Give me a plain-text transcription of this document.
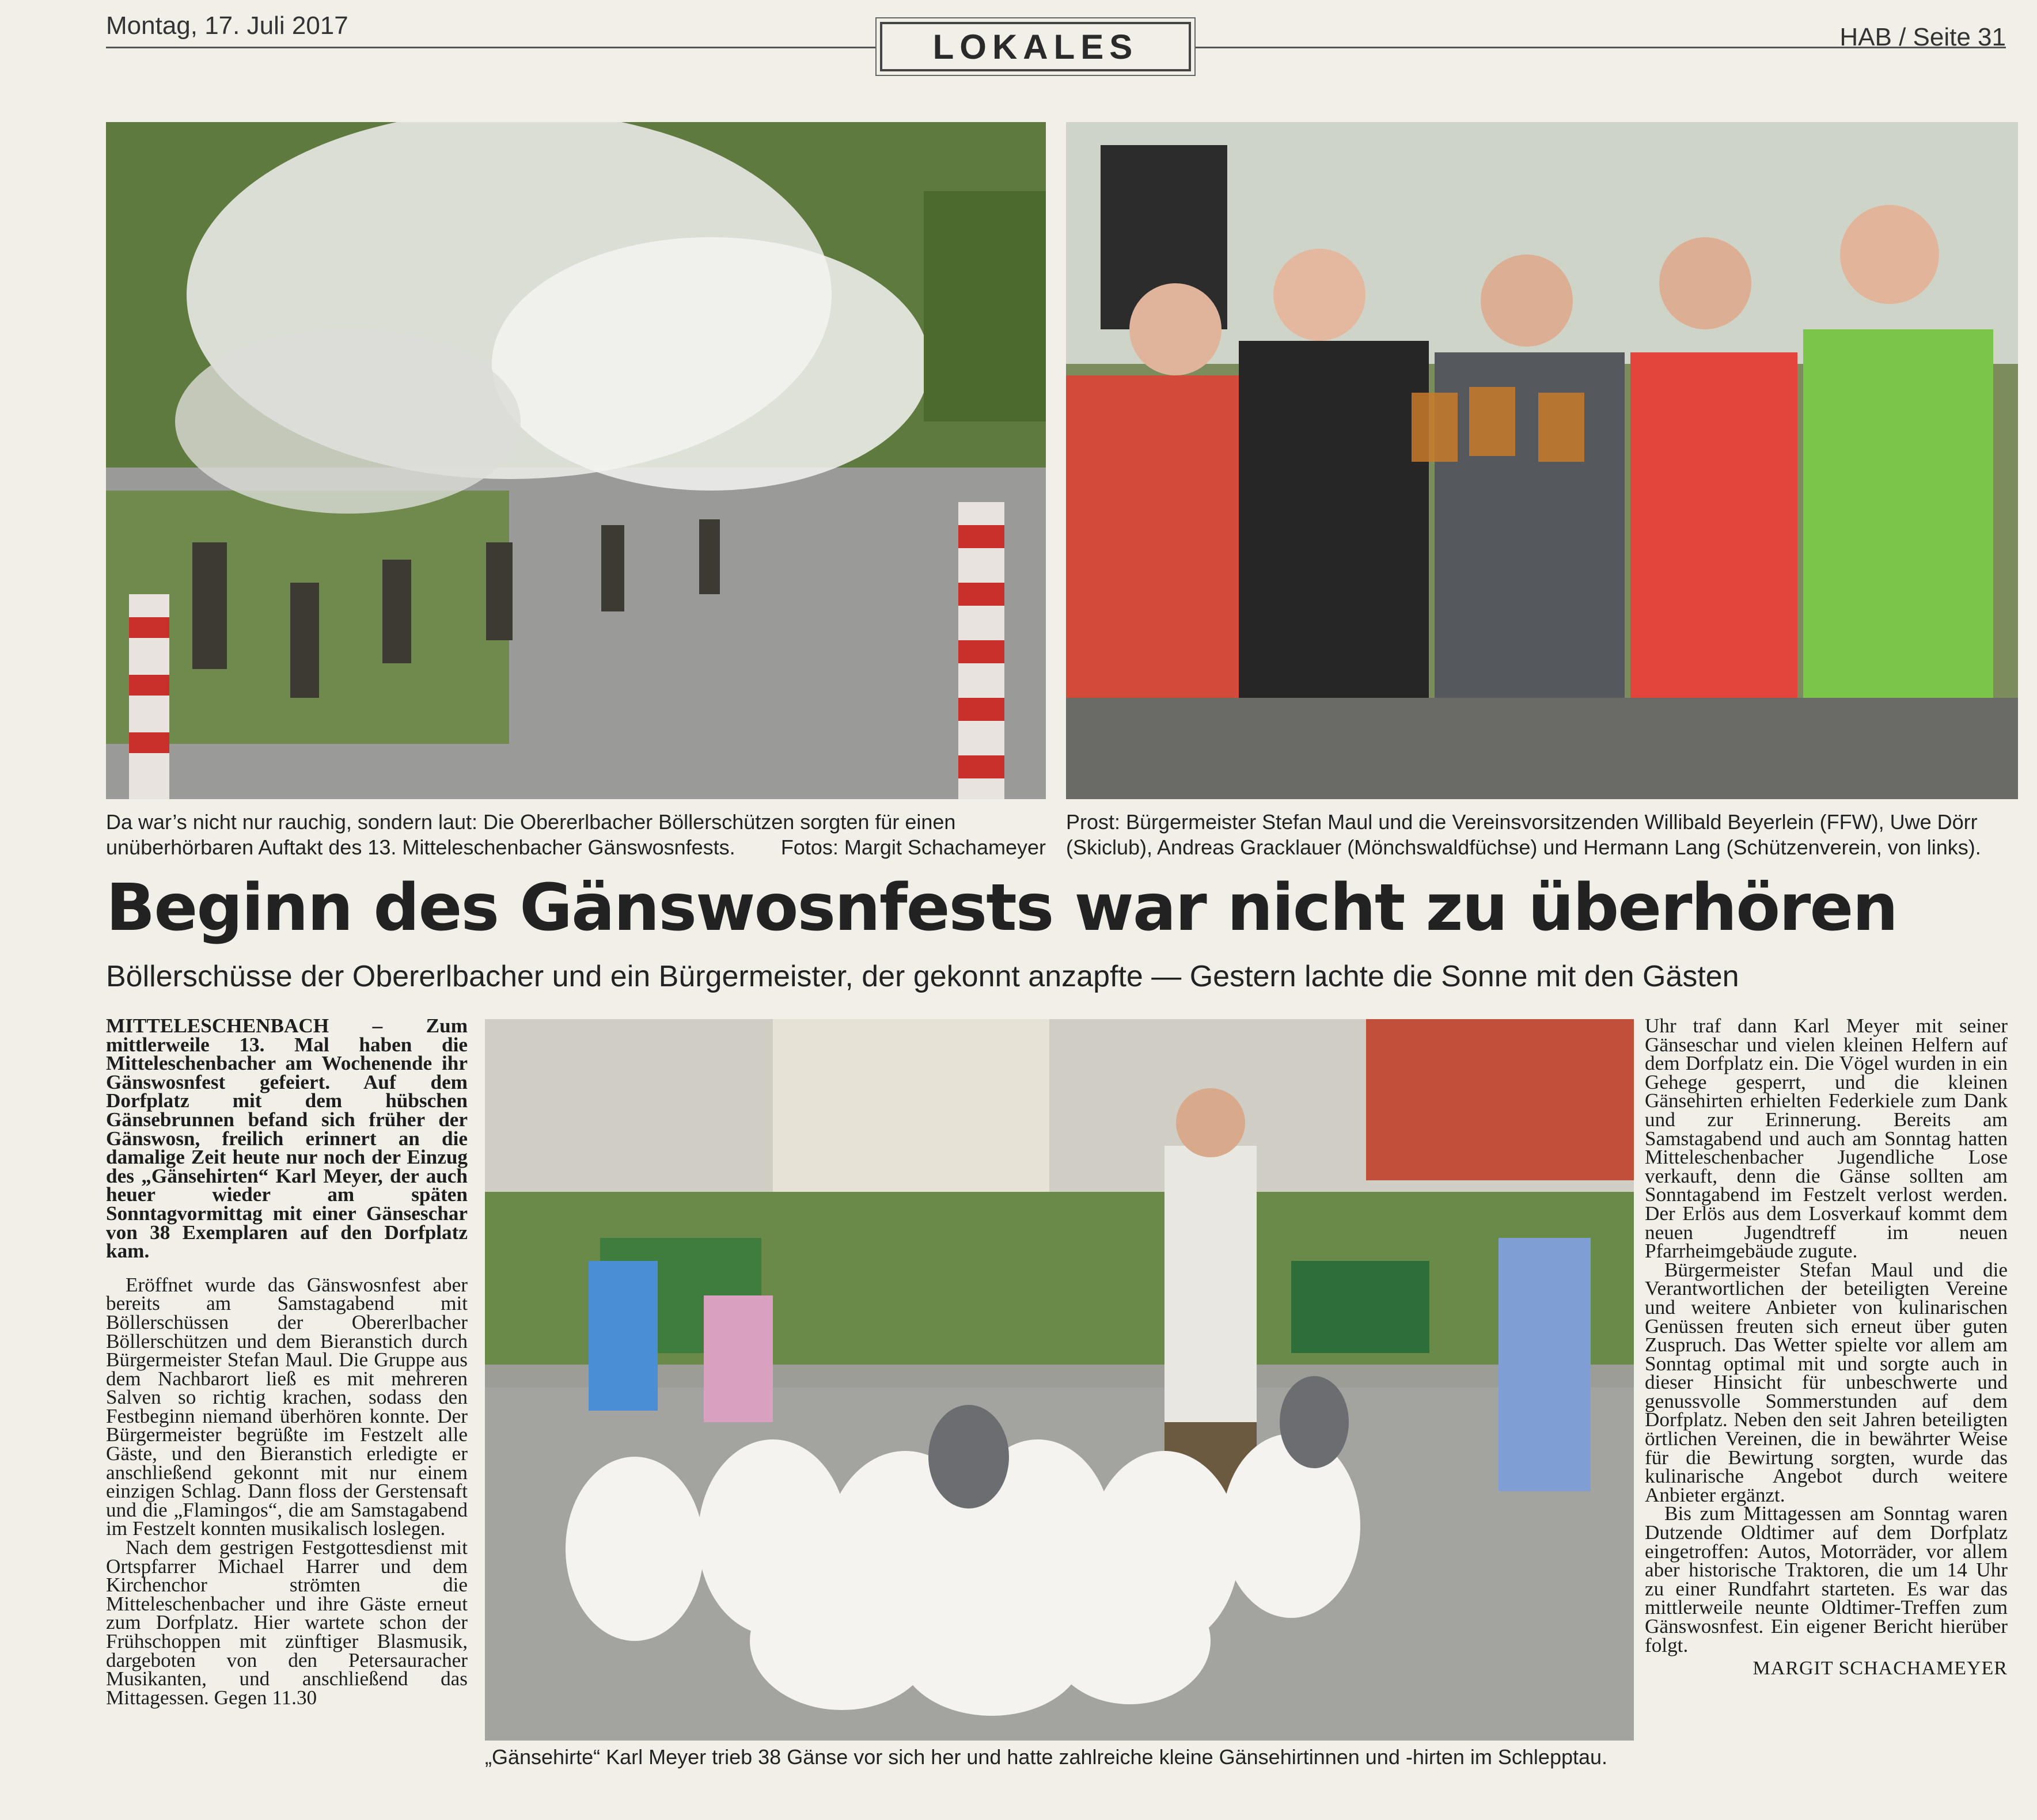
Montag, 17. Juli 2017
LOKALES	HAB / Seite 31
Da war’s nicht nur rauchig, sondern laut: Die Obererlbacher Böllerschützen sorgten für einen unüberhörbaren Auftakt des 13. Mitteleschenbacher Gänswosnfests. Fotos: Margit Schachameyer
Prost: Bürgermeister Stefan Maul und die Vereinsvorsitzenden Willibald Beyerlein (FFW), Uwe Dörr (Skiclub), Andreas Gracklauer (Mönchswaldfüchse) und Hermann Lang (Schützenverein, von links).
Beginn des Gänswosnfests war nicht zu überhören
Böllerschüsse der Obererlbacher und ein Bürgermeister, der gekonnt anzapfte — Gestern lachte die Sonne mit den Gästen

MITTELESCHENBACH – Zum mittlerweile 13. Mal haben die Mitteleschenbacher am Wochenende ihr Gänswosnfest gefeiert. Auf dem Dorfplatz mit dem hübschen Gänsebrunnen befand sich früher der Gänswosn, freilich erinnert an die damalige Zeit heute nur noch der Einzug des „Gänsehirten“ Karl Meyer, der auch heuer wieder am späten Sonntagvormittag mit einer Gänseschar von 38 Exemplaren auf den Dorfplatz kam.

Eröffnet wurde das Gänswosnfest aber bereits am Samstagabend mit Böllerschüssen der Obererlbacher Böllerschützen und dem Bieranstich durch Bürgermeister Stefan Maul. Die Gruppe aus dem Nachbarort ließ es mit mehreren Salven so richtig krachen, sodass den Festbeginn niemand überhören konnte. Der Bürgermeister begrüßte im Festzelt alle Gäste, und den Bieranstich erledigte er anschließend gekonnt mit nur einem einzigen Schlag. Dann floss der Gerstensaft und die „Flamingos“, die am Samstagabend im Festzelt konnten musikalisch loslegen.

Nach dem gestrigen Festgottesdienst mit Ortspfarrer Michael Harrer und dem Kirchenchor strömten die Mitteleschenbacher und ihre Gäste erneut zum Dorfplatz. Hier wartete schon der Frühschoppen mit zünftiger Blasmusik, dargeboten von den Petersauracher Musikanten, und anschließend das Mittagessen. Gegen 11.30

„Gänsehirte“ Karl Meyer trieb 38 Gänse vor sich her und hatte zahlreiche kleine Gänsehirtinnen und -hirten im Schlepptau.

Uhr traf dann Karl Meyer mit seiner Gänseschar und vielen kleinen Helfern auf dem Dorfplatz ein. Die Vögel wurden in ein Gehege gesperrt, und die kleinen Gänsehirten erhielten Federkiele zum Dank und zur Erinnerung. Bereits am Samstagabend und auch am Sonntag hatten Mitteleschenbacher Jugendliche Lose verkauft, denn die Gänse sollten am Sonntagabend im Festzelt verlost werden. Der Erlös aus dem Losverkauf kommt dem neuen Jugendtreff im neuen Pfarrheimgebäude zugute.

Bürgermeister Stefan Maul und die Verantwortlichen der beteiligten Vereine und weitere Anbieter von kulinarischen Genüssen freuten sich erneut über guten Zuspruch. Das Wetter spielte vor allem am Sonntag optimal mit und sorgte auch in dieser Hinsicht für unbeschwerte und genussvolle Sommerstunden auf dem Dorfplatz. Neben den seit Jahren beteiligten örtlichen Vereinen, die in bewährter Weise für die Bewirtung sorgten, wurde das kulinarische Angebot durch weitere Anbieter ergänzt.

Bis zum Mittagessen am Sonntag waren Dutzende Oldtimer auf dem Dorfplatz eingetroffen: Autos, Motorräder, vor allem aber historische Traktoren, die um 14 Uhr zu einer Rundfahrt starteten. Es war das mittlerweile neunte Oldtimer-Treffen zum Gänswosnfest. Ein eigener Bericht hierüber folgt.

MARGIT SCHACHAMEYER
